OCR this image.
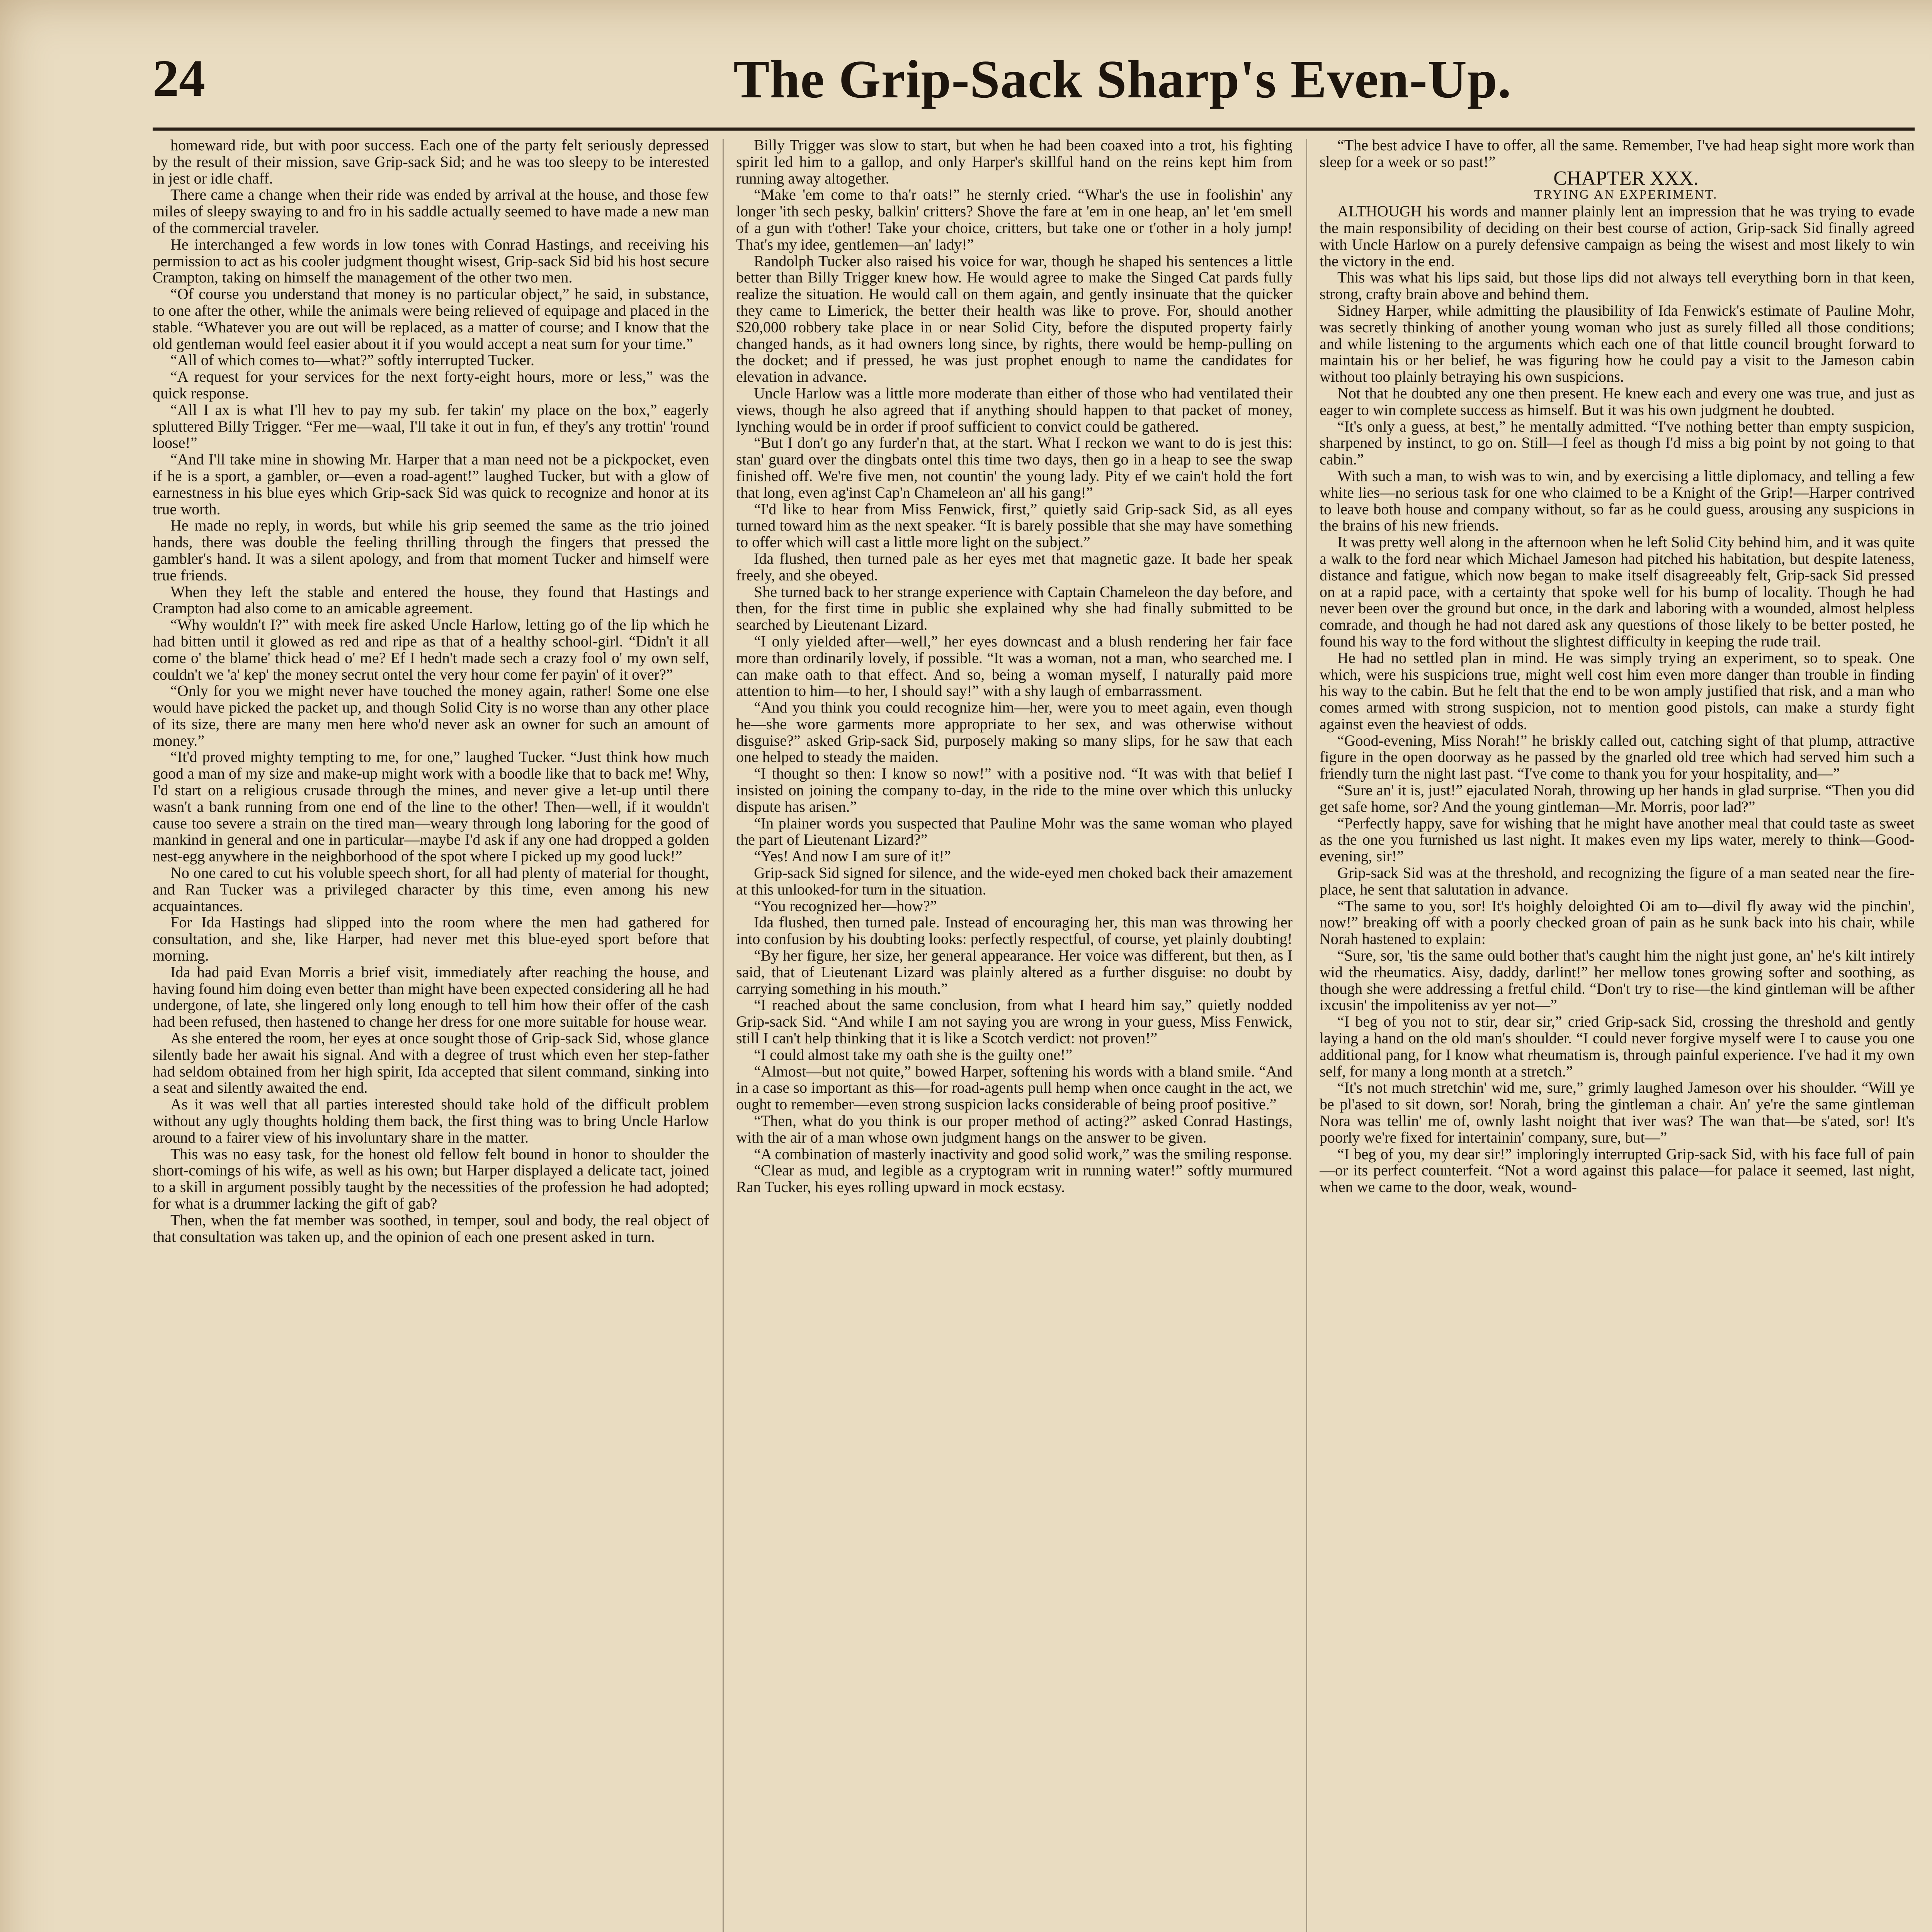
24	The Grip-Sack Sharp's Even-Up.

homeward ride, but with poor success. Each one of the party felt seriously depressed by the result of their mission, save Grip-sack Sid; and he was too sleepy to be interested in jest or idle chaff.

There came a change when their ride was ended by arrival at the house, and those few miles of sleepy swaying to and fro in his saddle actually seemed to have made a new man of the commercial traveler.

He interchanged a few words in low tones with Conrad Hastings, and receiving his permission to act as his cooler judgment thought wisest, Grip-sack Sid bid his host secure Crampton, taking on himself the management of the other two men.

“Of course you understand that money is no particular object,” he said, in substance, to one after the other, while the animals were being relieved of equipage and placed in the stable. “Whatever you are out will be replaced, as a matter of course; and I know that the old gentleman would feel easier about it if you would accept a neat sum for your time.”

“All of which comes to—what?” softly interrupted Tucker.

“A request for your services for the next forty-eight hours, more or less,” was the quick response.

“All I ax is what I'll hev to pay my sub. fer takin' my place on the box,” eagerly spluttered Billy Trigger. “Fer me—waal, I'll take it out in fun, ef they's any trottin' 'round loose!”

“And I'll take mine in showing Mr. Harper that a man need not be a pickpocket, even if he is a sport, a gambler, or—even a road-agent!” laughed Tucker, but with a glow of earnestness in his blue eyes which Grip-sack Sid was quick to recognize and honor at its true worth.

He made no reply, in words, but while his grip seemed the same as the trio joined hands, there was double the feeling thrilling through the fingers that pressed the gambler's hand. It was a silent apology, and from that moment Tucker and himself were true friends.

When they left the stable and entered the house, they found that Hastings and Crampton had also come to an amicable agreement.

“Why wouldn't I?” with meek fire asked Uncle Harlow, letting go of the lip which he had bitten until it glowed as red and ripe as that of a healthy school-girl. “Didn't it all come o' the blame' thick head o' me? Ef I hedn't made sech a crazy fool o' my own self, couldn't we 'a' kep' the money secrut ontel the very hour come fer payin' of it over?”

“Only for you we might never have touched the money again, rather! Some one else would have picked the packet up, and though Solid City is no worse than any other place of its size, there are many men here who'd never ask an owner for such an amount of money.”

“It'd proved mighty tempting to me, for one,” laughed Tucker. “Just think how much good a man of my size and make-up might work with a boodle like that to back me! Why, I'd start on a religious crusade through the mines, and never give a let-up until there wasn't a bank running from one end of the line to the other! Then—well, if it wouldn't cause too severe a strain on the tired man—weary through long laboring for the good of mankind in general and one in particular—maybe I'd ask if any one had dropped a golden nest-egg anywhere in the neighborhood of the spot where I picked up my good luck!”

No one cared to cut his voluble speech short, for all had plenty of material for thought, and Ran Tucker was a privileged character by this time, even among his new acquaintances.

For Ida Hastings had slipped into the room where the men had gathered for consultation, and she, like Harper, had never met this blue-eyed sport before that morning.

Ida had paid Evan Morris a brief visit, immediately after reaching the house, and having found him doing even better than might have been expected considering all he had undergone, of late, she lingered only long enough to tell him how their offer of the cash had been refused, then hastened to change her dress for one more suitable for house wear.

As she entered the room, her eyes at once sought those of Grip-sack Sid, whose glance silently bade her await his signal. And with a degree of trust which even her step-father had seldom obtained from her high spirit, Ida accepted that silent command, sinking into a seat and silently awaited the end.

As it was well that all parties interested should take hold of the difficult problem without any ugly thoughts holding them back, the first thing was to bring Uncle Harlow around to a fairer view of his involuntary share in the matter.

This was no easy task, for the honest old fellow felt bound in honor to shoulder the short-comings of his wife, as well as his own; but Harper displayed a delicate tact, joined to a skill in argument possibly taught by the necessities of the profession he had adopted; for what is a drummer lacking the gift of gab?

Then, when the fat member was soothed, in temper, soul and body, the real object of that consultation was taken up, and the opinion of each one present asked in turn.

Billy Trigger was slow to start, but when he had been coaxed into a trot, his fighting spirit led him to a gallop, and only Harper's skillful hand on the reins kept him from running away altogether.

“Make 'em come to tha'r oats!” he sternly cried. “Whar's the use in foolishin' any longer 'ith sech pesky, balkin' critters? Shove the fare at 'em in one heap, an' let 'em smell of a gun with t'other! Take your choice, critters, but take one or t'other in a holy jump! That's my idee, gentlemen—an' lady!”

Randolph Tucker also raised his voice for war, though he shaped his sentences a little better than Billy Trigger knew how. He would agree to make the Singed Cat pards fully realize the situation. He would call on them again, and gently insinuate that the quicker they came to Limerick, the better their health was like to prove. For, should another $20,000 robbery take place in or near Solid City, before the disputed property fairly changed hands, as it had owners long since, by rights, there would be hemp-pulling on the docket; and if pressed, he was just prophet enough to name the candidates for elevation in advance.

Uncle Harlow was a little more moderate than either of those who had ventilated their views, though he also agreed that if anything should happen to that packet of money, lynching would be in order if proof sufficient to convict could be gathered.

“But I don't go any furder'n that, at the start. What I reckon we want to do is jest this: stan' guard over the dingbats ontel this time two days, then go in a heap to see the swap finished off. We're five men, not countin' the young lady. Pity ef we cain't hold the fort that long, even ag'inst Cap'n Chameleon an' all his gang!”

“I'd like to hear from Miss Fenwick, first,” quietly said Grip-sack Sid, as all eyes turned toward him as the next speaker. “It is barely possible that she may have something to offer which will cast a little more light on the subject.”

Ida flushed, then turned pale as her eyes met that magnetic gaze. It bade her speak freely, and she obeyed.

She turned back to her strange experience with Captain Chameleon the day before, and then, for the first time in public she explained why she had finally submitted to be searched by Lieutenant Lizard.

“I only yielded after—well,” her eyes downcast and a blush rendering her fair face more than ordinarily lovely, if possible. “It was a woman, not a man, who searched me. I can make oath to that effect. And so, being a woman myself, I naturally paid more attention to him—to her, I should say!” with a shy laugh of embarrassment.

“And you think you could recognize him—her, were you to meet again, even though he—she wore garments more appropriate to her sex, and was otherwise without disguise?” asked Grip-sack Sid, purposely making so many slips, for he saw that each one helped to steady the maiden.

“I thought so then: I know so now!” with a positive nod. “It was with that belief I insisted on joining the company to-day, in the ride to the mine over which this unlucky dispute has arisen.”

“In plainer words you suspected that Pauline Mohr was the same woman who played the part of Lieutenant Lizard?”

“Yes! And now I am sure of it!”

Grip-sack Sid signed for silence, and the wide-eyed men choked back their amazement at this unlooked-for turn in the situation.

“You recognized her—how?”

Ida flushed, then turned pale. Instead of encouraging her, this man was throwing her into confusion by his doubting looks: perfectly respectful, of course, yet plainly doubting!

“By her figure, her size, her general appearance. Her voice was different, but then, as I said, that of Lieutenant Lizard was plainly altered as a further disguise: no doubt by carrying something in his mouth.”

“I reached about the same conclusion, from what I heard him say,” quietly nodded Grip-sack Sid. “And while I am not saying you are wrong in your guess, Miss Fenwick, still I can't help thinking that it is like a Scotch verdict: not proven!”

“I could almost take my oath she is the guilty one!”

“Almost—but not quite,” bowed Harper, softening his words with a bland smile. “And in a case so important as this—for road-agents pull hemp when once caught in the act, we ought to remember—even strong suspicion lacks considerable of being proof positive.”

“Then, what do you think is our proper method of acting?” asked Conrad Hastings, with the air of a man whose own judgment hangs on the answer to be given.

“A combination of masterly inactivity and good solid work,” was the smiling response.

“Clear as mud, and legible as a cryptogram writ in running water!” softly murmured Ran Tucker, his eyes rolling upward in mock ecstasy.

“The best advice I have to offer, all the same. Remember, I've had heap sight more work than sleep for a week or so past!”

CHAPTER XXX.

TRYING AN EXPERIMENT.

ALTHOUGH his words and manner plainly lent an impression that he was trying to evade the main responsibility of deciding on their best course of action, Grip-sack Sid finally agreed with Uncle Harlow on a purely defensive campaign as being the wisest and most likely to win the victory in the end.

This was what his lips said, but those lips did not always tell everything born in that keen, strong, crafty brain above and behind them.

Sidney Harper, while admitting the plausibility of Ida Fenwick's estimate of Pauline Mohr, was secretly thinking of another young woman who just as surely filled all those conditions; and while listening to the arguments which each one of that little council brought forward to maintain his or her belief, he was figuring how he could pay a visit to the Jameson cabin without too plainly betraying his own suspicions.

Not that he doubted any one then present. He knew each and every one was true, and just as eager to win complete success as himself. But it was his own judgment he doubted.

“It's only a guess, at best,” he mentally admitted. “I've nothing better than empty suspicion, sharpened by instinct, to go on. Still—I feel as though I'd miss a big point by not going to that cabin.”

With such a man, to wish was to win, and by exercising a little diplomacy, and telling a few white lies—no serious task for one who claimed to be a Knight of the Grip!—Harper contrived to leave both house and company without, so far as he could guess, arousing any suspicions in the brains of his new friends.

It was pretty well along in the afternoon when he left Solid City behind him, and it was quite a walk to the ford near which Michael Jameson had pitched his habitation, but despite lateness, distance and fatigue, which now began to make itself disagreeably felt, Grip-sack Sid pressed on at a rapid pace, with a certainty that spoke well for his bump of locality. Though he had never been over the ground but once, in the dark and laboring with a wounded, almost helpless comrade, and though he had not dared ask any questions of those likely to be better posted, he found his way to the ford without the slightest difficulty in keeping the rude trail.

He had no settled plan in mind. He was simply trying an experiment, so to speak. One which, were his suspicions true, might well cost him even more danger than trouble in finding his way to the cabin. But he felt that the end to be won amply justified that risk, and a man who comes armed with strong suspicion, not to mention good pistols, can make a sturdy fight against even the heaviest of odds.

“Good-evening, Miss Norah!” he briskly called out, catching sight of that plump, attractive figure in the open doorway as he passed by the gnarled old tree which had served him such a friendly turn the night last past. “I've come to thank you for your hospitality, and—”

“Sure an' it is, just!” ejaculated Norah, throwing up her hands in glad surprise. “Then you did get safe home, sor? And the young gintleman—Mr. Morris, poor lad?”

“Perfectly happy, save for wishing that he might have another meal that could taste as sweet as the one you furnished us last night. It makes even my lips water, merely to think—Good-evening, sir!”

Grip-sack Sid was at the threshold, and recognizing the figure of a man seated near the fire-place, he sent that salutation in advance.

“The same to you, sor! It's hoighly deloighted Oi am to—divil fly away wid the pinchin', now!” breaking off with a poorly checked groan of pain as he sunk back into his chair, while Norah hastened to explain:

“Sure, sor, 'tis the same ould bother that's caught him the night just gone, an' he's kilt intirely wid the rheumatics. Aisy, daddy, darlint!” her mellow tones growing softer and soothing, as though she were addressing a fretful child. “Don't try to rise—the kind gintleman will be afther ixcusin' the impoliteniss av yer not—”

“I beg of you not to stir, dear sir,” cried Grip-sack Sid, crossing the threshold and gently laying a hand on the old man's shoulder. “I could never forgive myself were I to cause you one additional pang, for I know what rheumatism is, through painful experience. I've had it my own self, for many a long month at a stretch.”

“It's not much stretchin' wid me, sure,” grimly laughed Jameson over his shoulder. “Will ye be pl'ased to sit down, sor! Norah, bring the gintleman a chair. An' ye're the same gintleman Nora was tellin' me of, ownly lasht noight that iver was? The wan that—be s'ated, sor! It's poorly we're fixed for intertainin' company, sure, but—”

“I beg of you, my dear sir!” imploringly interrupted Grip-sack Sid, with his face full of pain—or its perfect counterfeit. “Not a word against this palace—for palace it seemed, last night, when we came to the door, weak, wound-
